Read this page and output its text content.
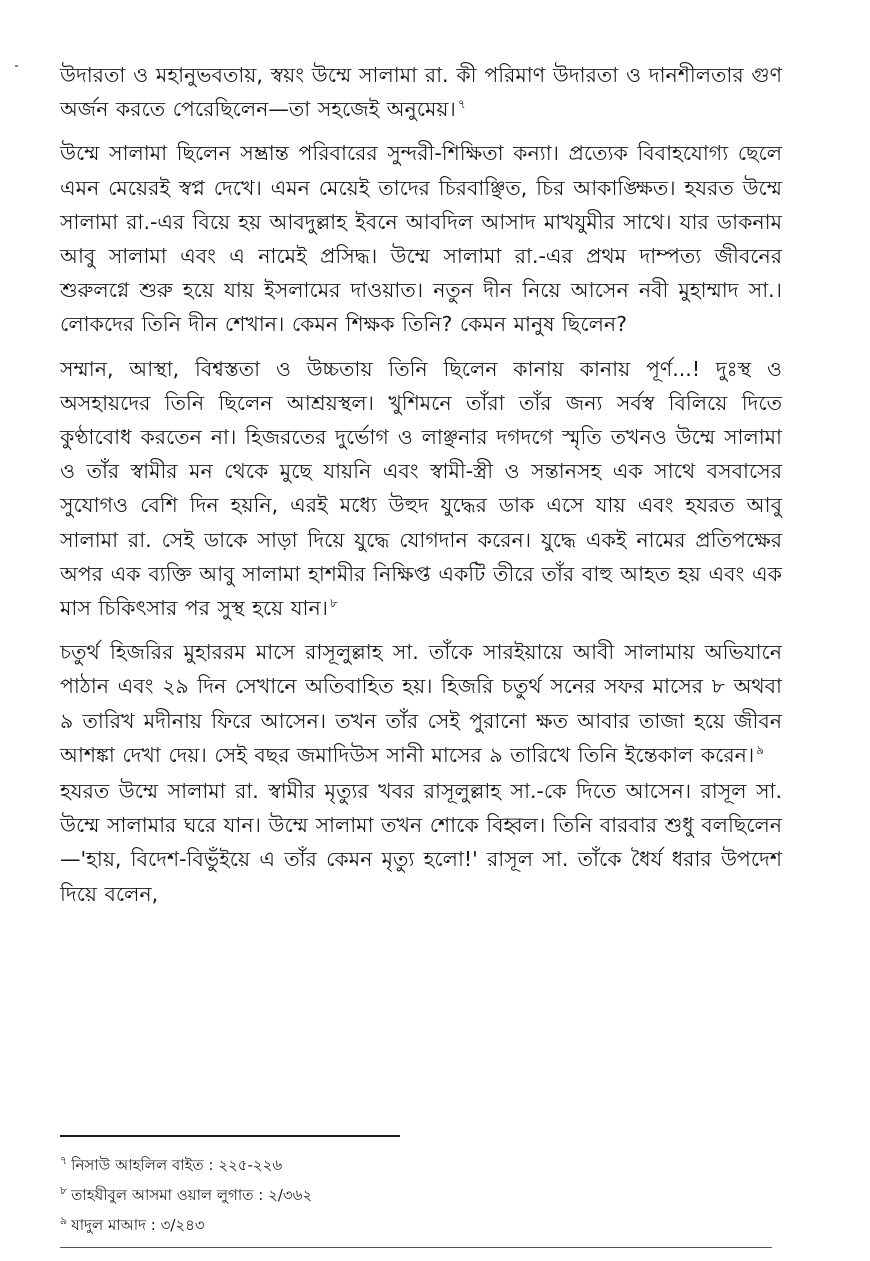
উদারতা ও মহানুভবতায়, স্বয়ং উম্মে সালামা রা. কী পরিমাণ উদারতা ও দানশীলতার গুণ অর্জন করতে পেরেছিলেন—তা সহজেই অনুমেয়। $^৭$

উম্মে সালামা ছিলেন সম্ভ্রান্ত পরিবারের সুন্দরী-শিক্ষিতা কন্যা। প্রত্যেক বিবাহযোগ্য ছেলে এমন মেয়েরই স্বপ্ন দেখে। এমন মেয়েই তাদের চিরবাঞ্ছিত, চির আকাঙ্ক্ষিত। হযরত উম্মে সালামা রা.-এর বিয়ে হয় আবদুল্লাহ ইবনে আবদিল আসাদ মাখযুমীর সাথে। যার ডাকনাম আবু সালামা এবং এ নামেই প্রসিদ্ধ। উম্মে সালামা রা.-এর প্রথম দাম্পত্য জীবনের শুরুলগ্নে শুরু হয়ে যায় ইসলামের দাওয়াত। নতুন দীন নিয়ে আসেন নবী মুহাম্মাদ সা.। লোকদের তিনি দীন শেখান। কেমন শিক্ষক তিনি? কেমন মানুষ ছিলেন?

সম্মান, আস্থা, বিশ্বস্ততা ও উচ্চতায় তিনি ছিলেন কানায় কানায় পূর্ণ...! দুঃস্থ ও অসহায়দের তিনি ছিলেন আশ্রয়স্থল। খুশিমনে তাঁরা তাঁর জন্য সর্বস্ব বিলিয়ে দিতে কুণ্ঠাবোধ করতেন না। হিজরতের দুর্ভোগ ও লাঞ্ছনার দগদগে স্মৃতি তখনও উম্মে সালামা ও তাঁর স্বামীর মন থেকে মুছে যায়নি এবং স্বামী-স্ত্রী ও সন্তানসহ এক সাথে বসবাসের সুযোগও বেশি দিন হয়নি, এরই মধ্যে উহুদ যুদ্ধের ডাক এসে যায় এবং হযরত আবু সালামা রা. সেই ডাকে সাড়া দিয়ে যুদ্ধে যোগদান করেন। যুদ্ধে একই নামের প্রতিপক্ষের অপর এক ব্যক্তি আবু সালামা হাশমীর নিক্ষিপ্ত একটি তীরে তাঁর বাহু আহত হয় এবং এক মাস চিকিৎসার পর সুস্থ হয়ে যান। $^৮$

চতুর্থ হিজরির মুহাররম মাসে রাসূলুল্লাহ সা. তাঁকে সারইয়ায়ে আবী সালামায় অভিযানে পাঠান এবং ২৯ দিন সেখানে অতিবাহিত হয়। হিজরি চতুর্থ সনের সফর মাসের ৮ অথবা ৯ তারিখ মদীনায় ফিরে আসেন। তখন তাঁর সেই পুরানো ক্ষত আবার তাজা হয়ে জীবন আশঙ্কা দেখা দেয়। সেই বছর জমাদিউস সানী মাসের ৯ তারিখে তিনি ইন্তেকাল করেন। $^৯$

হযরত উম্মে সালামা রা. স্বামীর মৃত্যুর খবর রাসূলুল্লাহ সা.-কে দিতে আসেন। রাসূল সা. উম্মে সালামার ঘরে যান। উম্মে সালামা তখন শোকে বিহ্বল। তিনি বারবার শুধু বলছিলেন—'হায়, বিদেশ-বিভুঁইয়ে এ তাঁর কেমন মৃত্যু হলো!' রাসূল সা. তাঁকে ধৈর্য ধরার উপদেশ দিয়ে বলেন,

$^৭$ নিসাউ আহলিল বাইত : ২২৫-২২৬
$^৮$ তাহযীবুল আসমা ওয়াল লুগাত : ২/৩৬২
$^৯$ যাদুল মাআদ : ৩/২৪৩
